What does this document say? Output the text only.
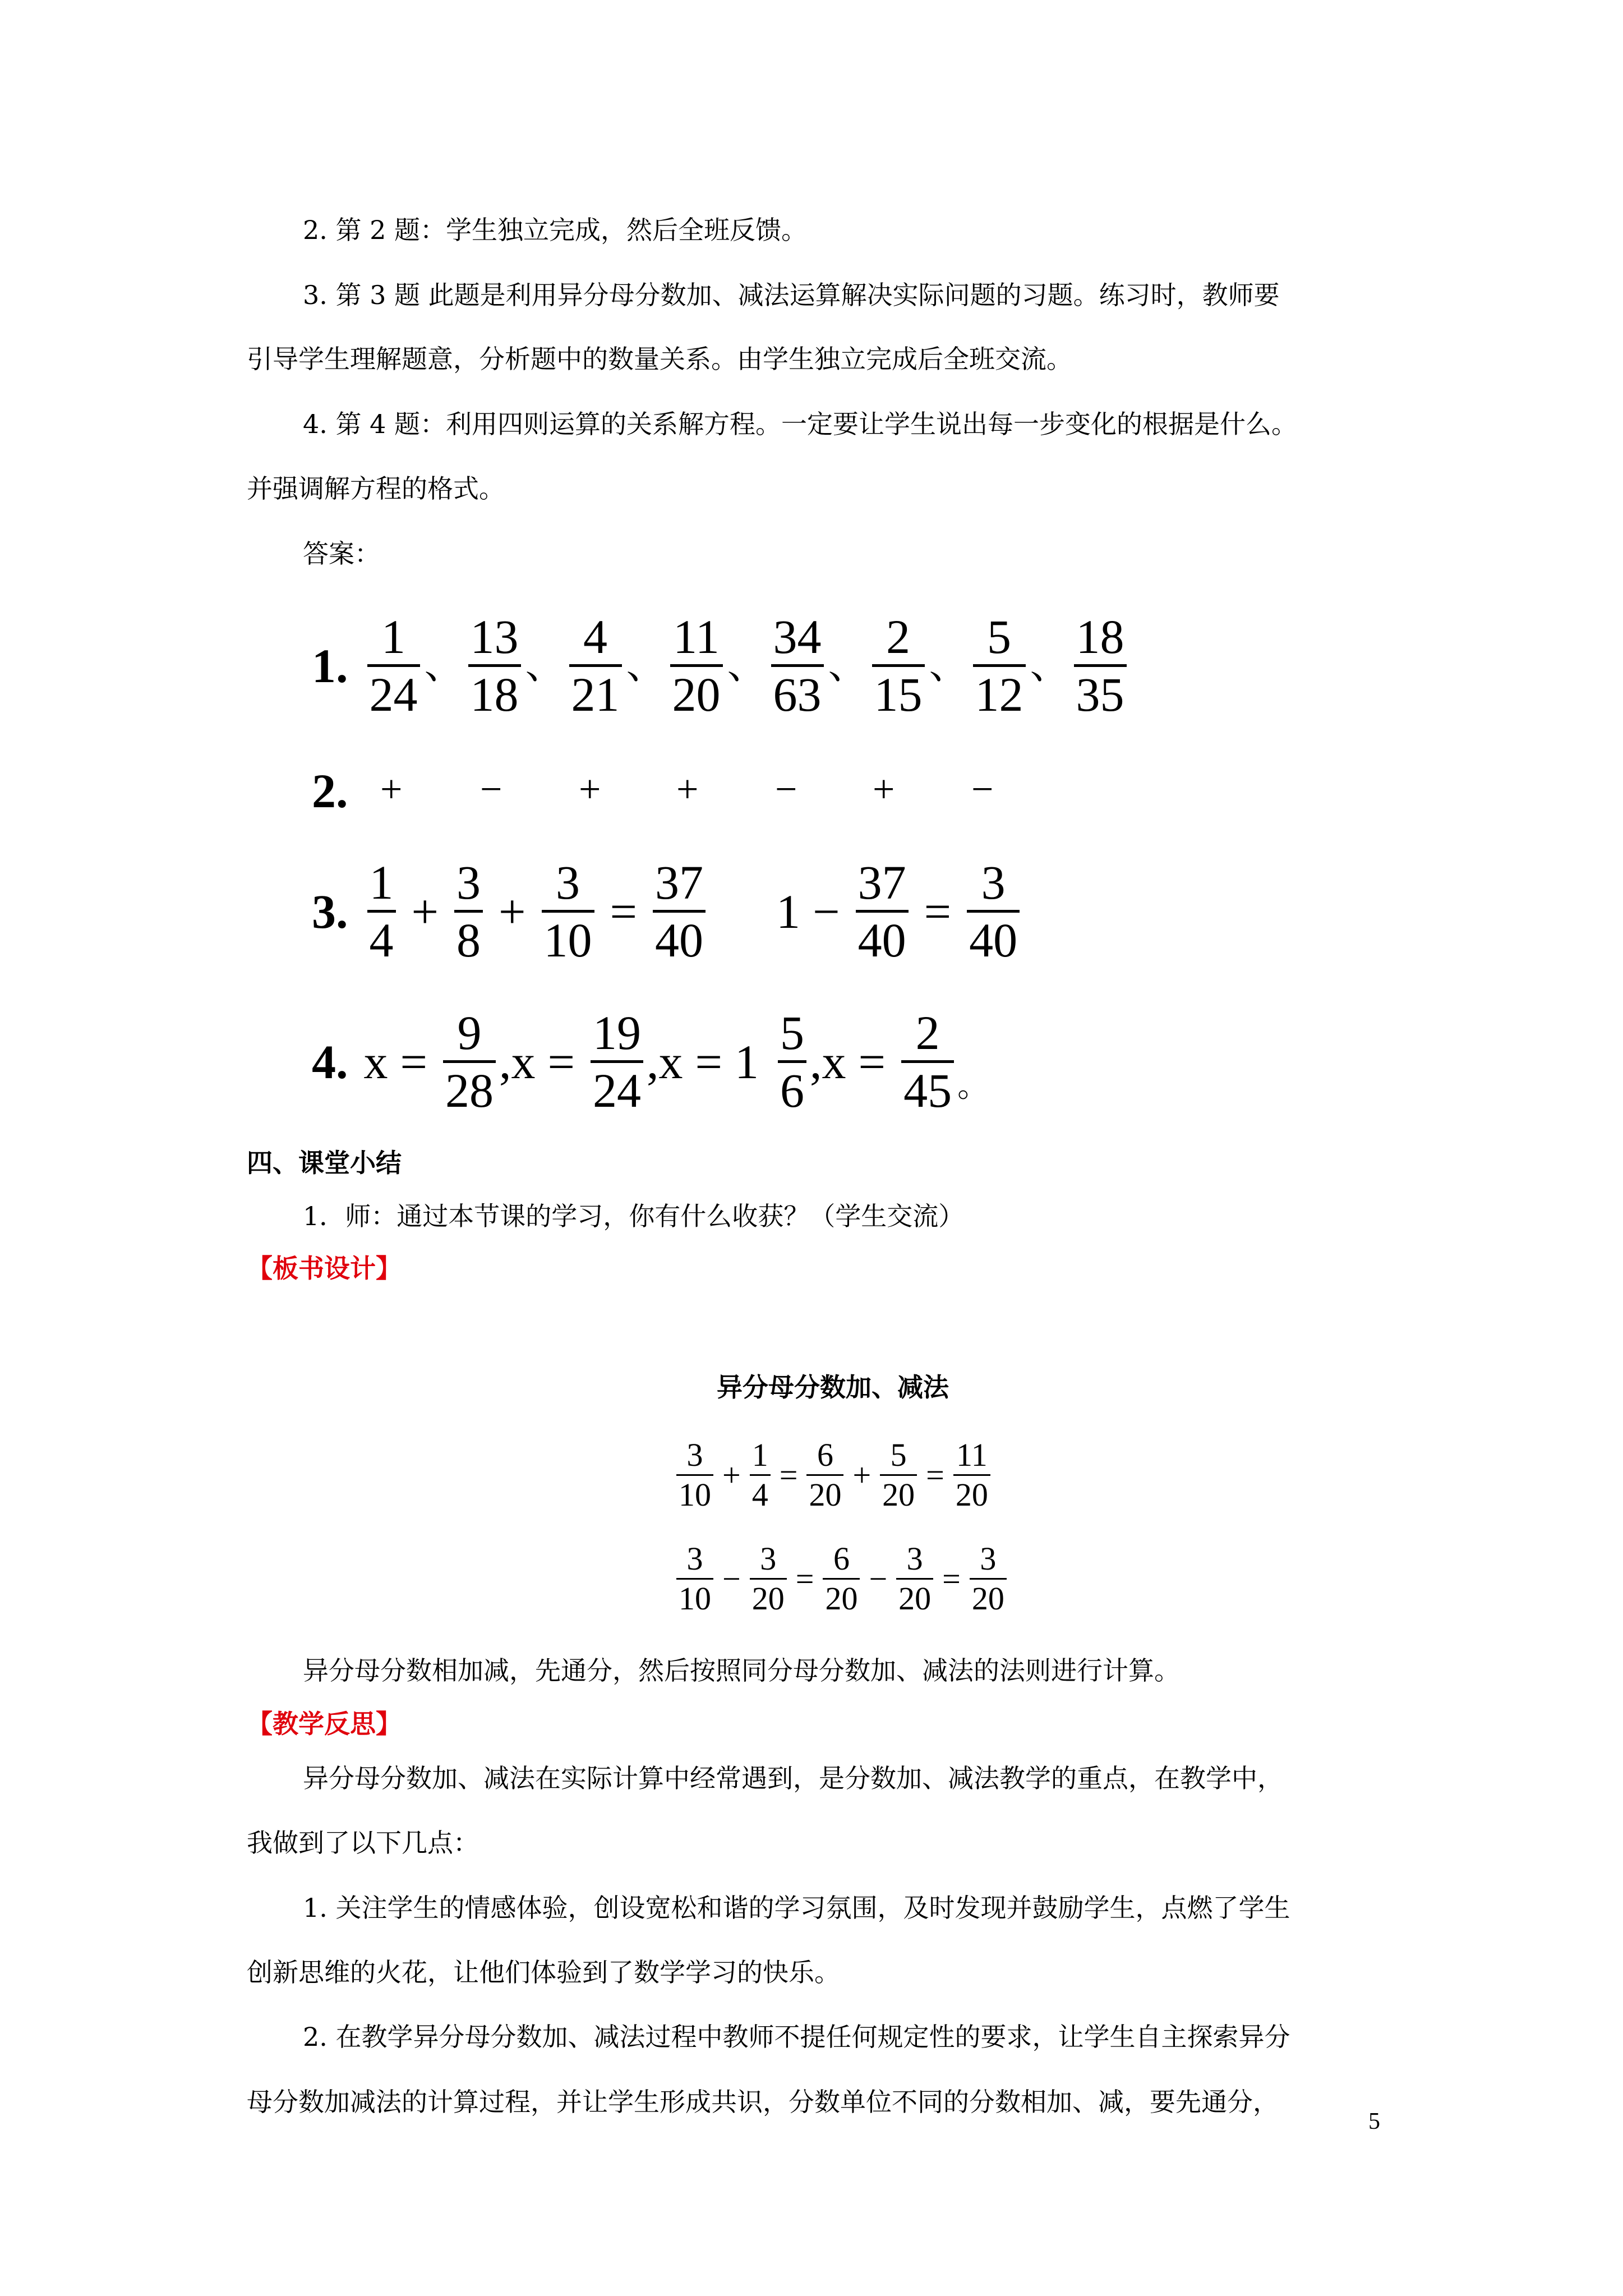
2. 第 2 题：学生独立完成，然后全班反馈。
3. 第 3 题 此题是利用异分母分数加、减法运算解决实际问题的习题。练习时，教师要
引导学生理解题意，分析题中的数量关系。由学生独立完成后全班交流。
4. 第 4 题：利用四则运算的关系解方程。一定要让学生说出每一步变化的根据是什么。
并强调解方程的格式。
答案：
1.
1
24
、
13
18
、
4
21
、
11
20
、
34
63
、
2
15
、
5
12
、
18
35
2. + − + + − + −
3.
1
4
+
3
8
+
3
10
=
37
40
1 −
37
40
=
3
40
4. x =
9
28
, x =
19
24
, x = 1
5
6
, x =
2
45 。
四、课堂小结
1．师：通过本节课的学习，你有什么收获？（学生交流）
【板书设计】
异分母分数加、减法
$\frac{3}{10} + \frac{1}{4} = \frac{6}{20} + \frac{5}{20} = \frac{11}{20}$
$\frac{3}{10} - \frac{3}{20} = \frac{6}{20} - \frac{3}{20} = \frac{3}{20}$
异分母分数相加减，先通分，然后按照同分母分数加、减法的法则进行计算。
【教学反思】
异分母分数加、减法在实际计算中经常遇到，是分数加、减法教学的重点，在教学中，
我做到了以下几点：
1. 关注学生的情感体验，创设宽松和谐的学习氛围，及时发现并鼓励学生，点燃了学生
创新思维的火花，让他们体验到了数学学习的快乐。
2. 在教学异分母分数加、减法过程中教师不提任何规定性的要求，让学生自主探索异分
母分数加减法的计算过程，并让学生形成共识，分数单位不同的分数相加、减，要先通分，
5
